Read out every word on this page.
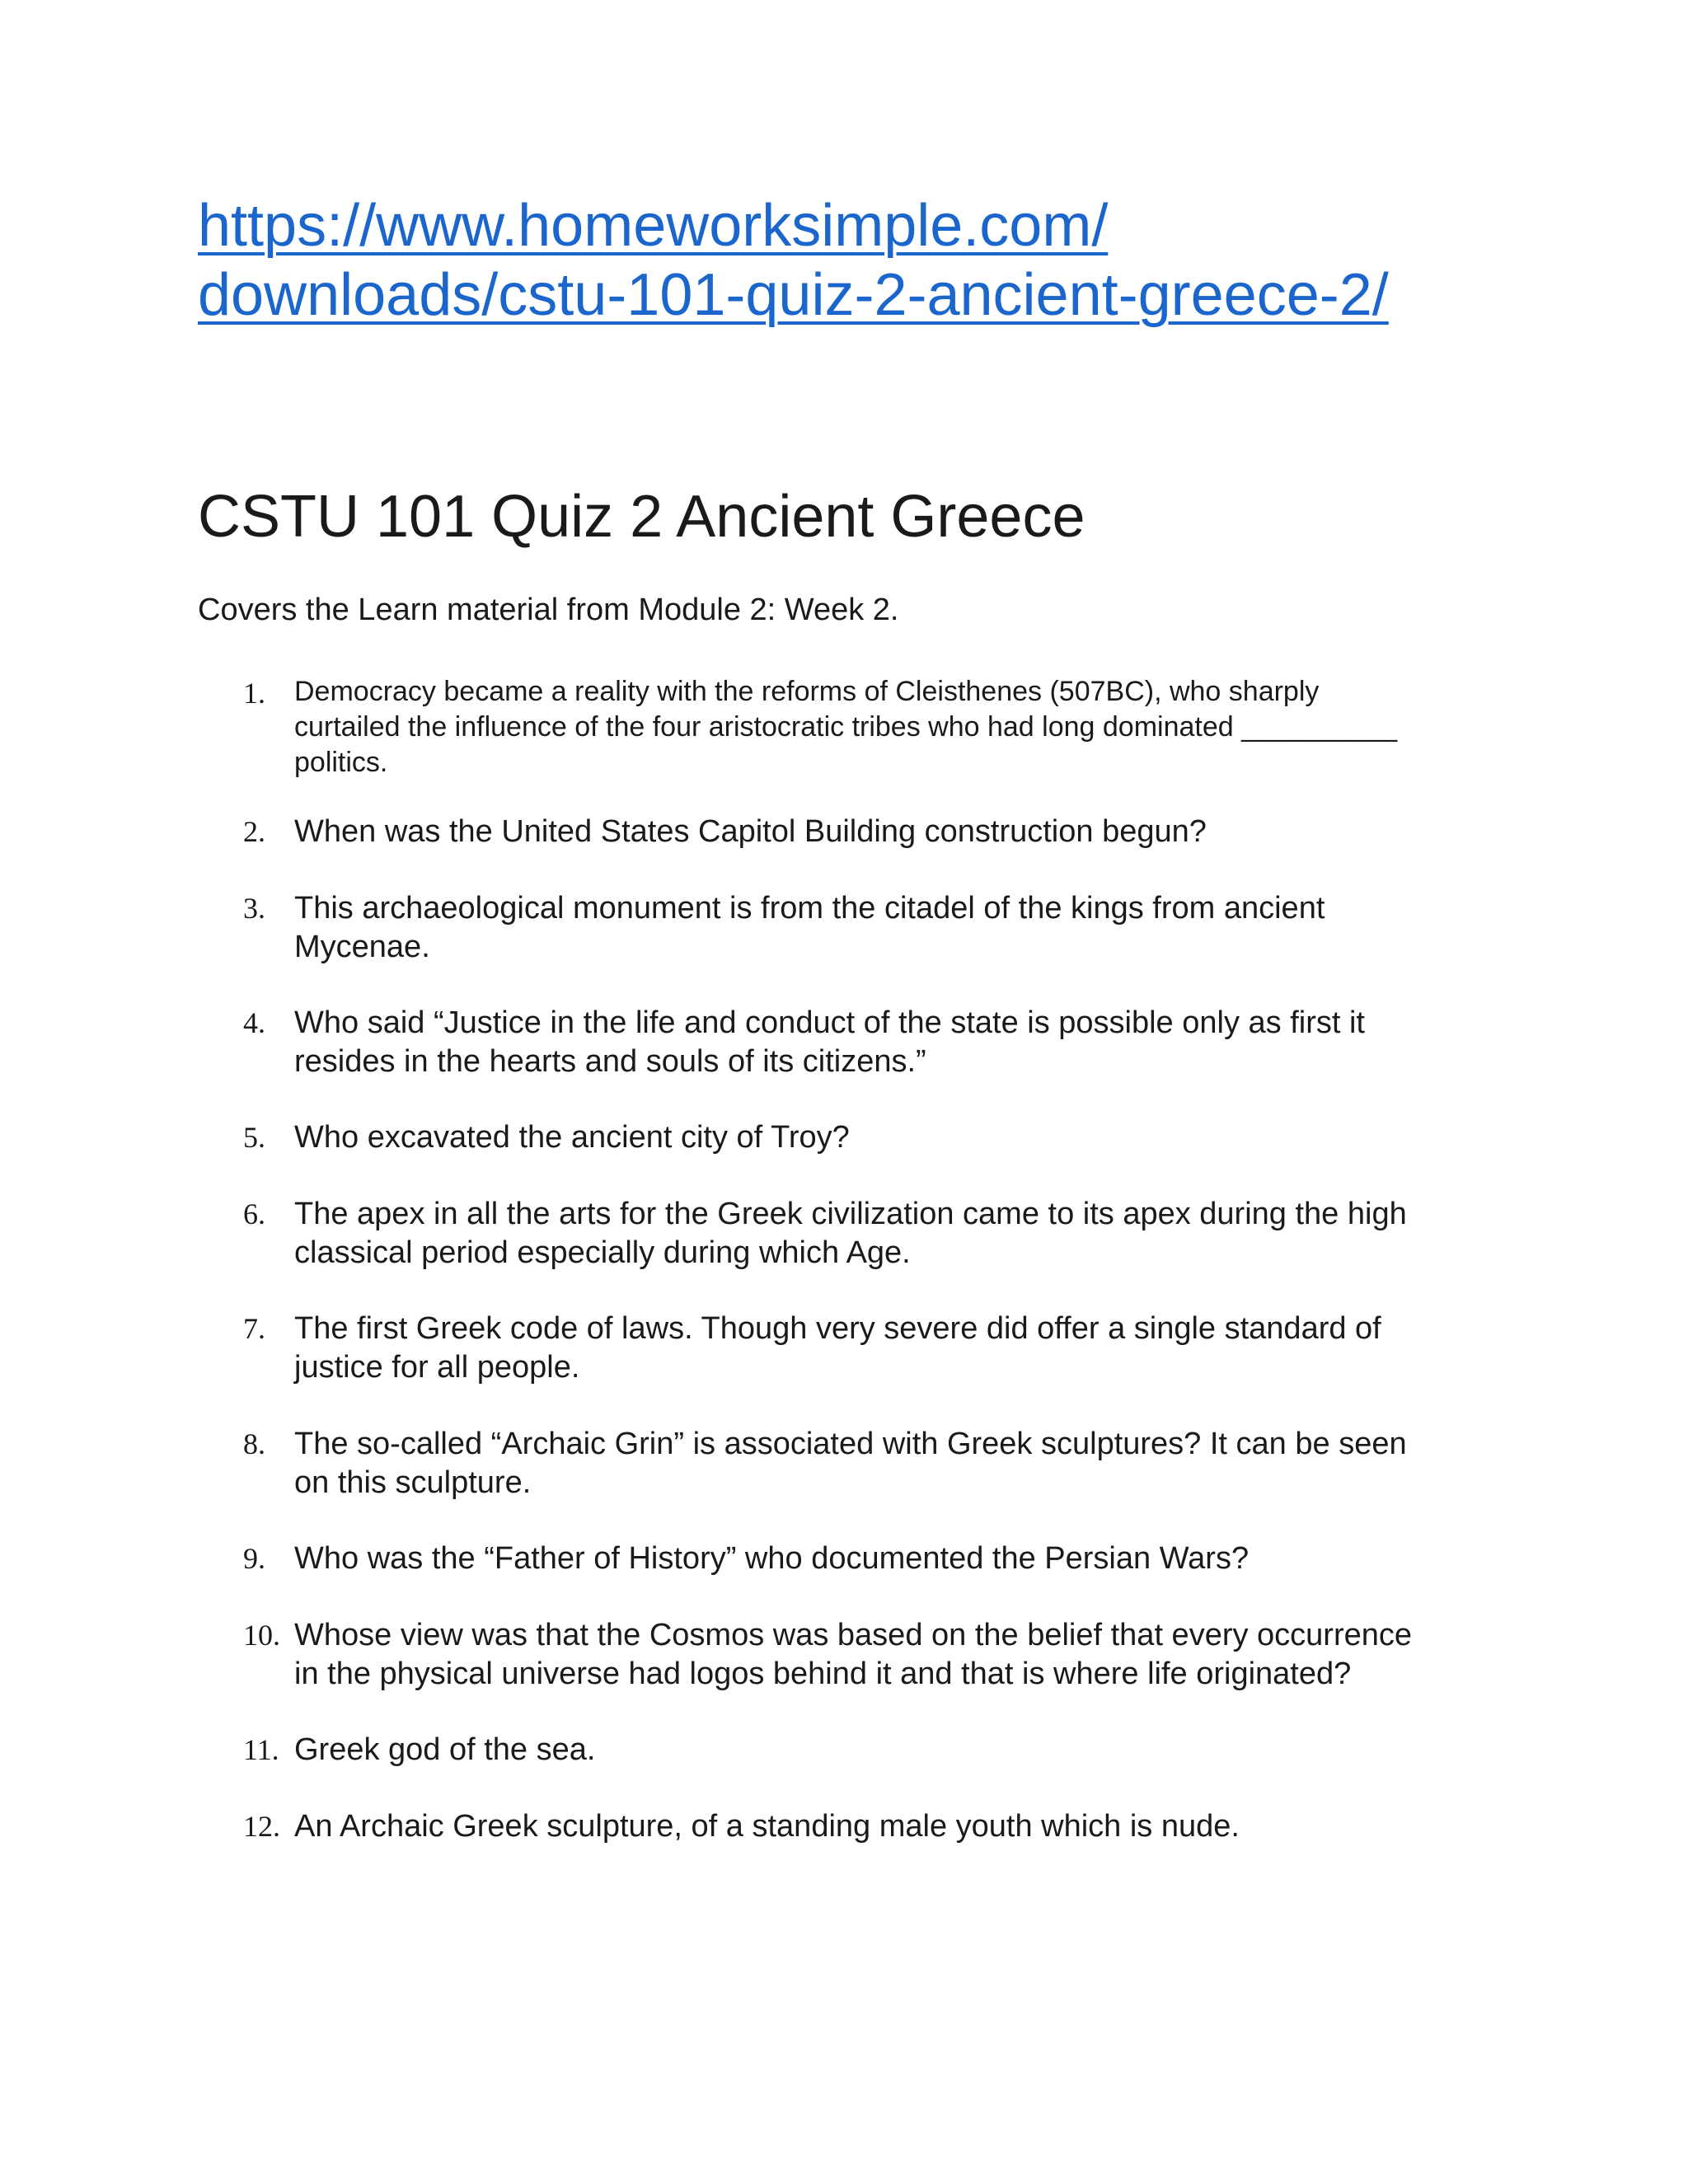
https://www.homeworksimple.com/
downloads/cstu-101-quiz-2-ancient-greece-2/
CSTU 101 Quiz 2 Ancient Greece

Covers the Learn material from Module 2: Week 2.

1.	Democracy became a reality with the reforms of Cleisthenes (507BC), who sharply
curtailed the influence of the four aristocratic tribes who had long dominated __________
politics.
2. When was the United States Capitol Building construction begun?
3. This archaeological monument is from the citadel of the kings from ancient
Mycenae.
4. Who said “Justice in the life and conduct of the state is possible only as first it
resides in the hearts and souls of its citizens.”
5. Who excavated the ancient city of Troy?
6. The apex in all the arts for the Greek civilization came to its apex during the high
classical period especially during which Age.
7. The first Greek code of laws. Though very severe did offer a single standard of
justice for all people.
8. The so-called “Archaic Grin” is associated with Greek sculptures? It can be seen
on this sculpture.
9. Who was the “Father of History” who documented the Persian Wars?
10. Whose view was that the Cosmos was based on the belief that every occurrence
in the physical universe had logos behind it and that is where life originated?
11. Greek god of the sea.
12. An Archaic Greek sculpture, of a standing male youth which is nude.
